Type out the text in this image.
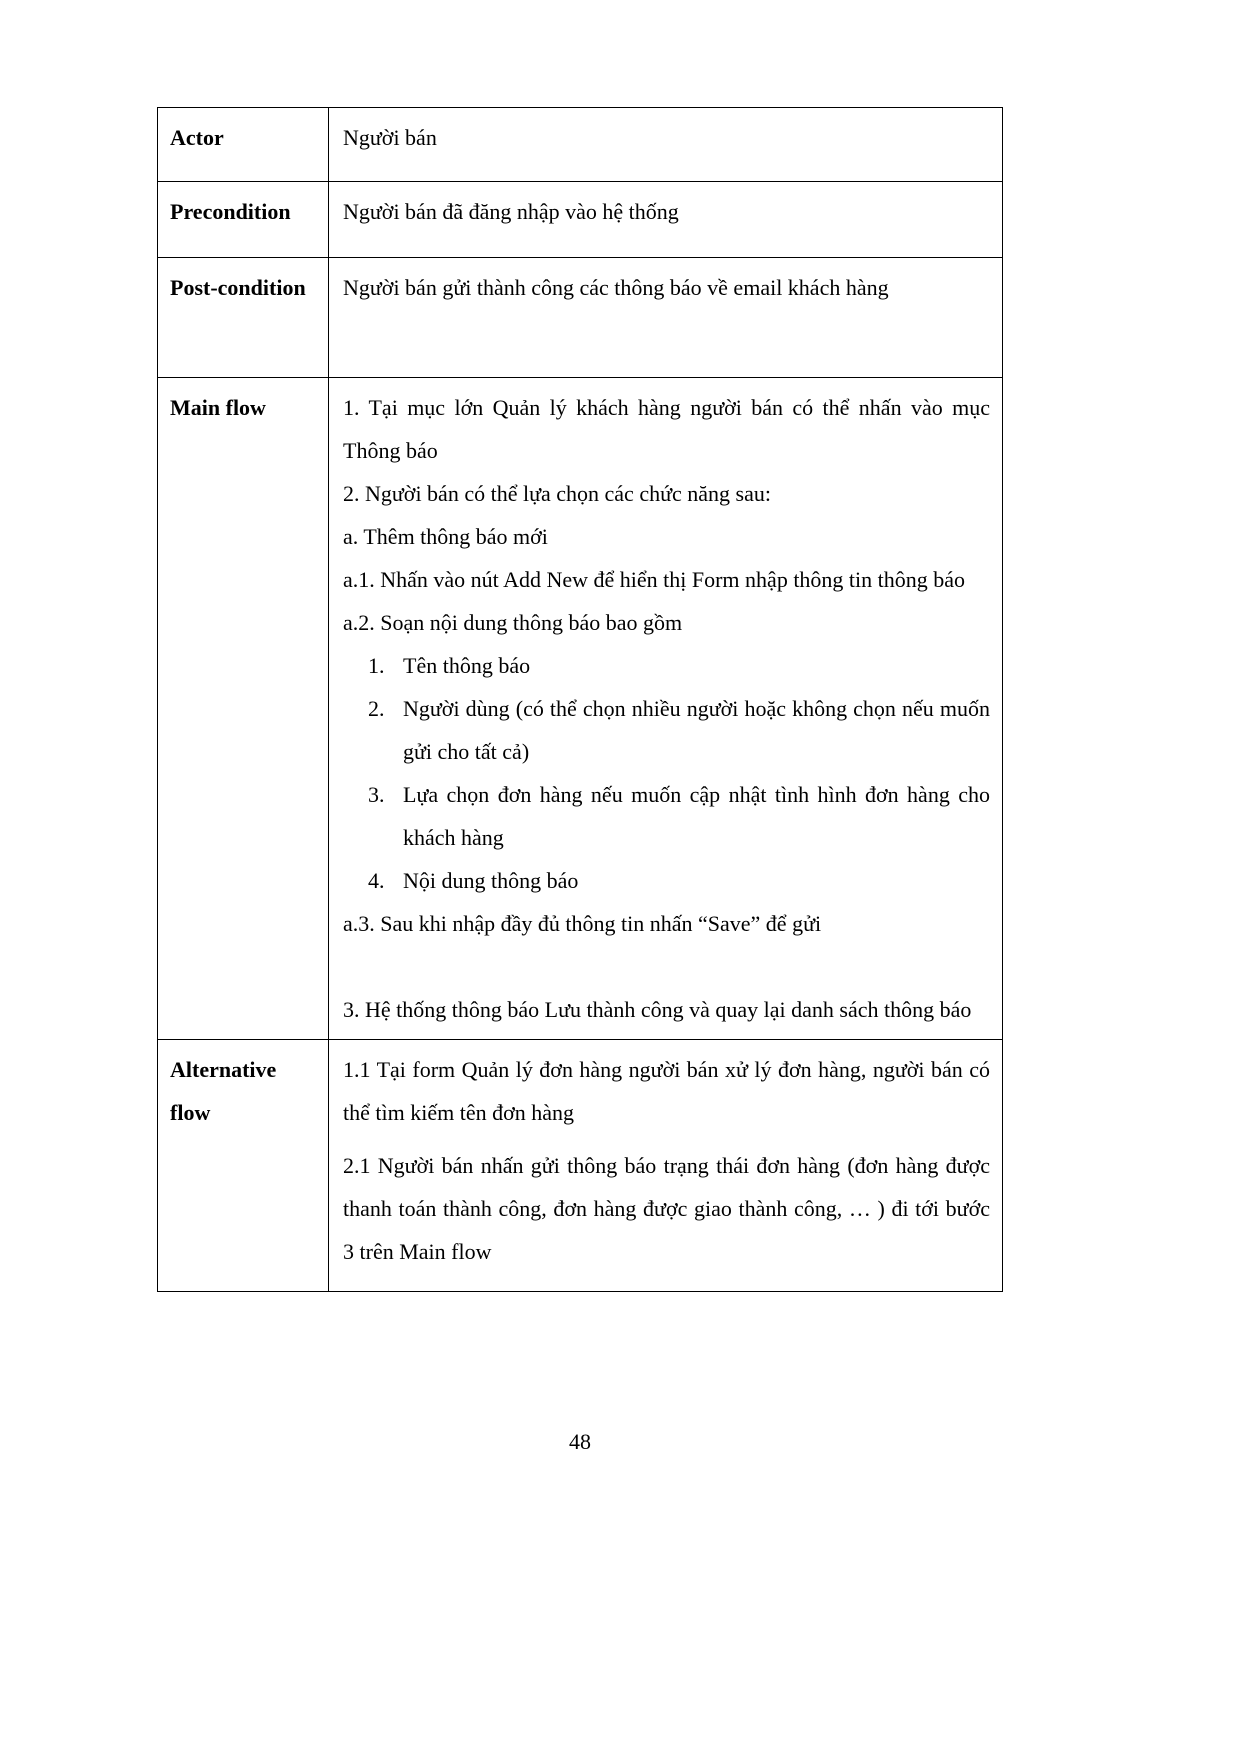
Actor	Người bán

Precondition	Người bán đã đăng nhập vào hệ thống

Post-condition	Người bán gửi thành công các thông báo về email khách hàng

Main flow	1. Tại mục lớn Quản lý khách hàng người bán có thể nhấn vào mục Thông báo
2. Người bán có thể lựa chọn các chức năng sau:
a. Thêm thông báo mới
a.1. Nhấn vào nút Add New để hiển thị Form nhập thông tin thông báo
a.2. Soạn nội dung thông báo bao gồm
1. Tên thông báo
2. Người dùng (có thể chọn nhiều người hoặc không chọn nếu muốn gửi cho tất cả)
3. Lựa chọn đơn hàng nếu muốn cập nhật tình hình đơn hàng cho khách hàng
4. Nội dung thông báo
a.3. Sau khi nhập đầy đủ thông tin nhấn “Save” để gửi
3. Hệ thống thông báo Lưu thành công và quay lại danh sách thông báo

Alternative flow	1.1 Tại form Quản lý đơn hàng người bán xử lý đơn hàng, người bán có thể tìm kiếm tên đơn hàng
2.1 Người bán nhấn gửi thông báo trạng thái đơn hàng (đơn hàng được thanh toán thành công, đơn hàng được giao thành công, … ) đi tới bước 3 trên Main flow
48
